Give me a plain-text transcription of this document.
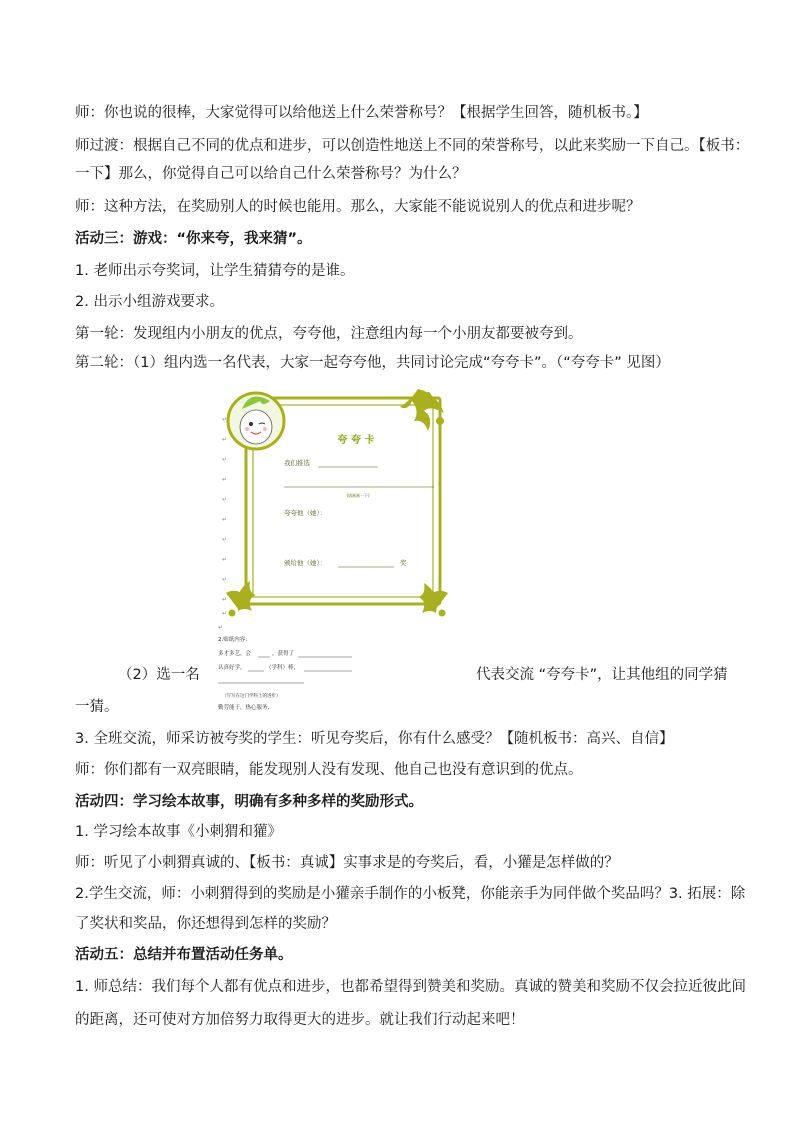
师：你也说的很棒，大家觉得可以给他送上什么荣誉称号？【根据学生回答，随机板书。】
师过渡：根据自己不同的优点和进步，可以创造性地送上不同的荣誉称号，以此来奖励一下自己。【板书：
一下】那么，你觉得自己可以给自己什么荣誉称号？为什么？
师：这种方法，在奖励别人的时候也能用。那么，大家能不能说说别人的优点和进步呢？
活动三：游戏：“你来夸，我来猜”。
1. 老师出示夸奖词，让学生猜猜夸的是谁。
2. 出示小组游戏要求。
第一轮：发现组内小朋友的优点，夸夸他，注意组内每一个小朋友都要被夸到。
第二轮：（1）组内选一名代表，大家一起夸夸他，共同讨论完成“夸夸卡”。（“夸夸卡” 见图）
夸 夸 卡
我们推选
(请画画一下)
夸夸他（她）：
颁给他（她）：	奖
↵
↵
↵
↵
↵
↵
↵
↵
↵
↵
↵
↵
2.贴纸内容：
多才多艺，会	，获得了
认真好学，	（学科）棒，
（写写在这门学科上的进步）
勤劳能干，热心服务，
（2）选一名	代表交流 “夸夸卡”，让其他组的同学猜
一猜。
3. 全班交流，师采访被夸奖的学生：听见夸奖后，你有什么感受？【随机板书：高兴、自信】
师：你们都有一双亮眼睛，能发现别人没有发现、他自己也没有意识到的优点。
活动四：学习绘本故事，明确有多种多样的奖励形式。
1. 学习绘本故事《小刺猬和獾》
师：听见了小刺猬真诚的、【板书：真诚】实事求是的夸奖后，看，小獾是怎样做的？
2.学生交流，师：小刺猬得到的奖励是小獾亲手制作的小板凳，你能亲手为同伴做个奖品吗？3. 拓展：除
了奖状和奖品，你还想得到怎样的奖励？
活动五：总结并布置活动任务单。
1. 师总结：我们每个人都有优点和进步，也都希望得到赞美和奖励。真诚的赞美和奖励不仅会拉近彼此间
的距离，还可使对方加倍努力取得更大的进步。就让我们行动起来吧！
